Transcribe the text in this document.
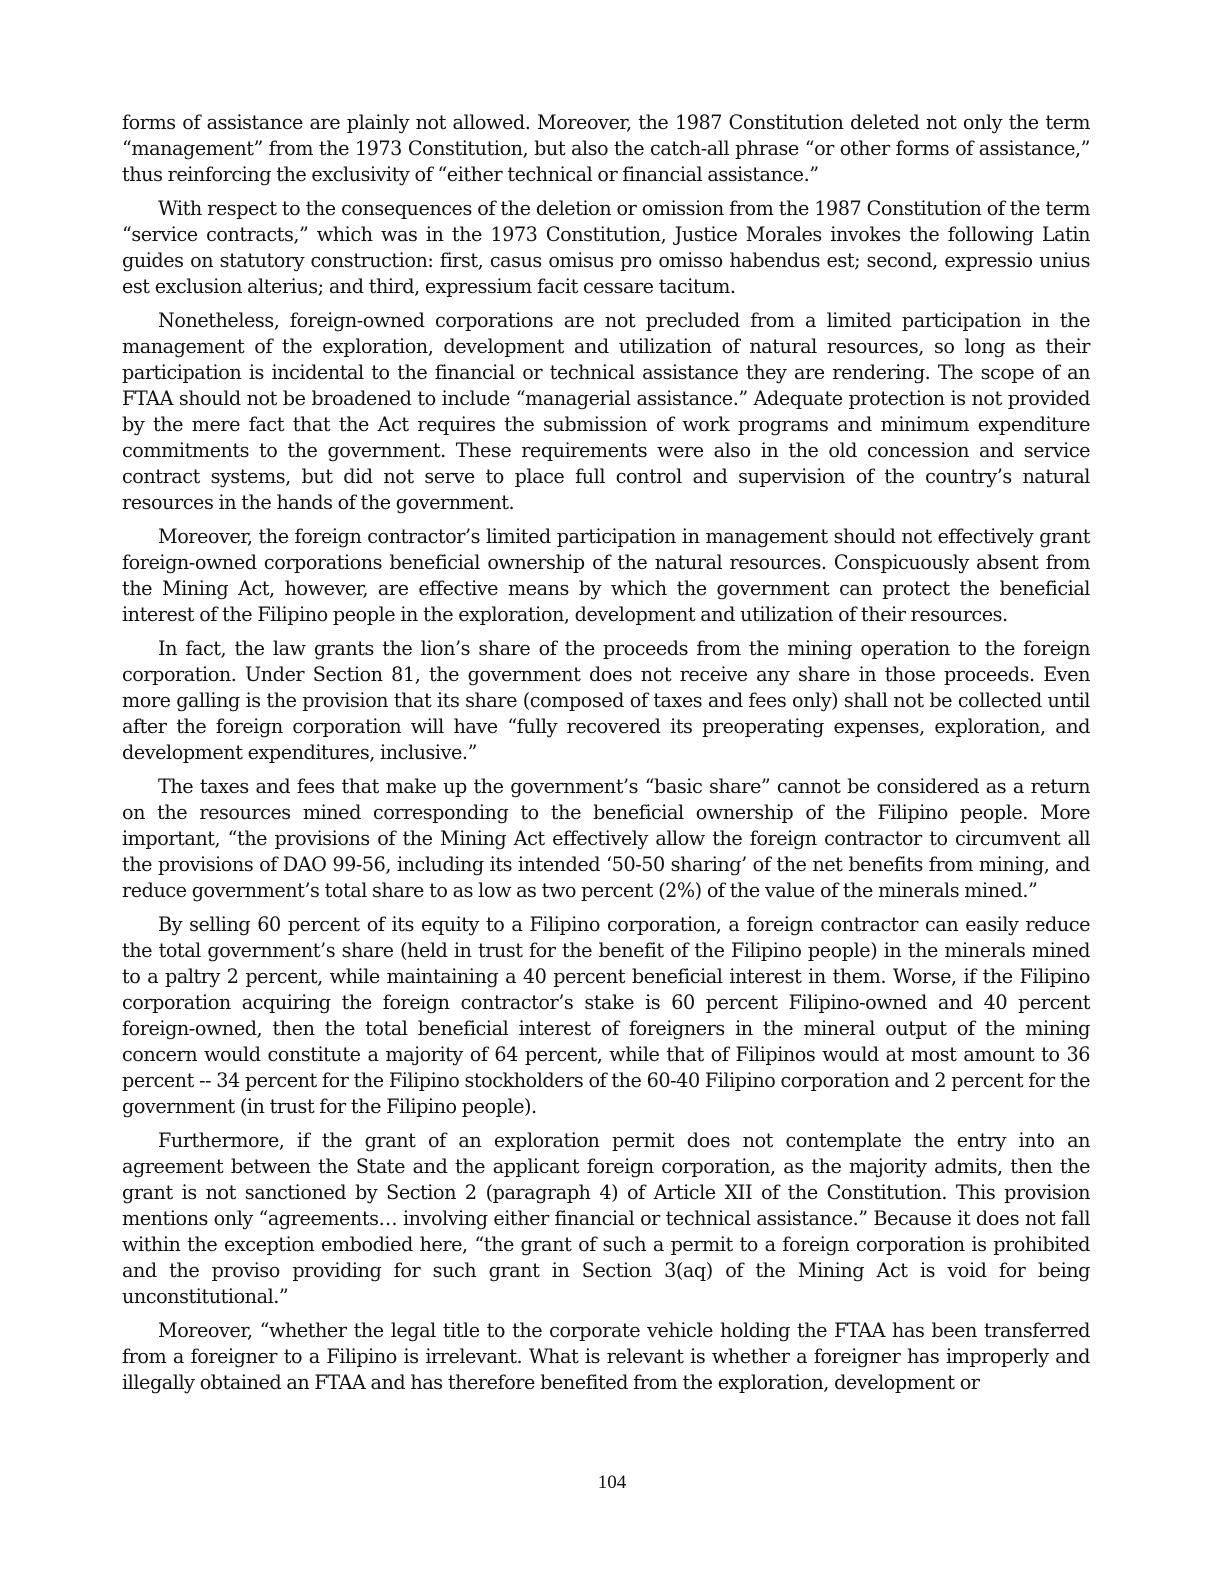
forms of assistance are plainly not allowed. Moreover, the 1987 Constitution deleted not only the term “management” from the 1973 Constitution, but also the catch-all phrase “or other forms of assistance,” thus reinforcing the exclusivity of “either technical or financial assistance.”

With respect to the consequences of the deletion or omission from the 1987 Constitution of the term “service contracts,” which was in the 1973 Constitution, Justice Morales invokes the following Latin guides on statutory construction: first, casus omisus pro omisso habendus est; second, expressio unius est exclusion alterius; and third, expressium facit cessare tacitum.

Nonetheless, foreign-owned corporations are not precluded from a limited participation in the management of the exploration, development and utilization of natural resources, so long as their participation is incidental to the financial or technical assistance they are rendering. The scope of an FTAA should not be broadened to include “managerial assistance.” Adequate protection is not provided by the mere fact that the Act requires the submission of work programs and minimum expenditure commitments to the government. These requirements were also in the old concession and service contract systems, but did not serve to place full control and supervision of the country’s natural resources in the hands of the government.

Moreover, the foreign contractor’s limited participation in management should not effectively grant foreign-owned corporations beneficial ownership of the natural resources. Conspicuously absent from the Mining Act, however, are effective means by which the government can protect the beneficial interest of the Filipino people in the exploration, development and utilization of their resources.

In fact, the law grants the lion’s share of the proceeds from the mining operation to the foreign corporation. Under Section 81, the government does not receive any share in those proceeds. Even more galling is the provision that its share (composed of taxes and fees only) shall not be collected until after the foreign corporation will have “fully recovered its preoperating expenses, exploration, and development expenditures, inclusive.”

The taxes and fees that make up the government’s “basic share” cannot be considered as a return on the resources mined corresponding to the beneficial ownership of the Filipino people. More important, “the provisions of the Mining Act effectively allow the foreign contractor to circumvent all the provisions of DAO 99-56, including its intended ‘50-50 sharing’ of the net benefits from mining, and reduce government’s total share to as low as two percent (2%) of the value of the minerals mined.”

By selling 60 percent of its equity to a Filipino corporation, a foreign contractor can easily reduce the total government’s share (held in trust for the benefit of the Filipino people) in the minerals mined to a paltry 2 percent, while maintaining a 40 percent beneficial interest in them. Worse, if the Filipino corporation acquiring the foreign contractor’s stake is 60 percent Filipino-owned and 40 percent foreign-owned, then the total beneficial interest of foreigners in the mineral output of the mining concern would constitute a majority of 64 percent, while that of Filipinos would at most amount to 36 percent -- 34 percent for the Filipino stockholders of the 60-40 Filipino corporation and 2 percent for the government (in trust for the Filipino people).

Furthermore, if the grant of an exploration permit does not contemplate the entry into an agreement between the State and the applicant foreign corporation, as the majority admits, then the grant is not sanctioned by Section 2 (paragraph 4) of Article XII of the Constitution. This provision mentions only “agreements… involving either financial or technical assistance.” Because it does not fall within the exception embodied here, “the grant of such a permit to a foreign corporation is prohibited and the proviso providing for such grant in Section 3(aq) of the Mining Act is void for being unconstitutional.”

Moreover, “whether the legal title to the corporate vehicle holding the FTAA has been transferred from a foreigner to a Filipino is irrelevant. What is relevant is whether a foreigner has improperly and illegally obtained an FTAA and has therefore benefited from the exploration, development or

104
